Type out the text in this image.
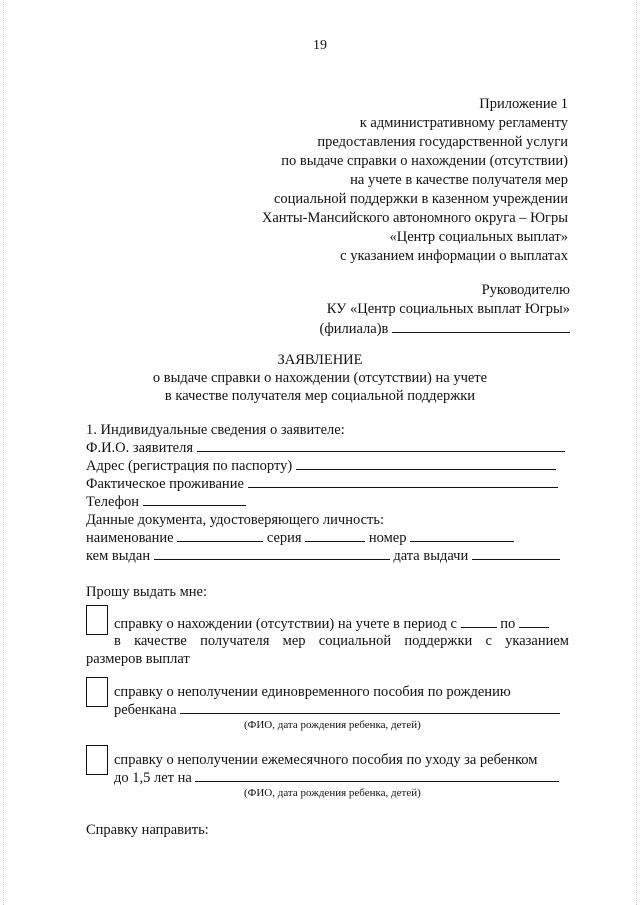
19
Приложение 1
к административному регламенту
предоставления государственной услуги
по выдаче справки о нахождении (отсутствии)
на учете в качестве получателя мер
социальной поддержки в казенном учреждении
Ханты-Мансийского автономного округа – Югры
«Центр социальных выплат»
с указанием информации о выплатах
Руководителю
КУ «Центр социальных выплат Югры»
(филиала)в
ЗАЯВЛЕНИЕ
о выдаче справки о нахождении (отсутствии) на учете
в качестве получателя мер социальной поддержки
1. Индивидуальные сведения о заявителе:
Ф.И.О. заявителя
Адрес (регистрация по паспорту)
Фактическое проживание
Телефон
Данные документа, удостоверяющего личность:
наименование	серия	номер
кем выдан	дата выдачи
Прошу выдать мне:
справку о нахождении (отсутствии) на учете в период с	по
в качестве получателя мер социальной поддержки с указанием
размеров выплат
справку о неполучении единовременного пособия по рождению
ребенкана
(ФИО, дата рождения ребенка, детей)
справку о неполучении ежемесячного пособия по уходу за ребенком
до 1,5 лет на
(ФИО, дата рождения ребенка, детей)
Справку направить:
